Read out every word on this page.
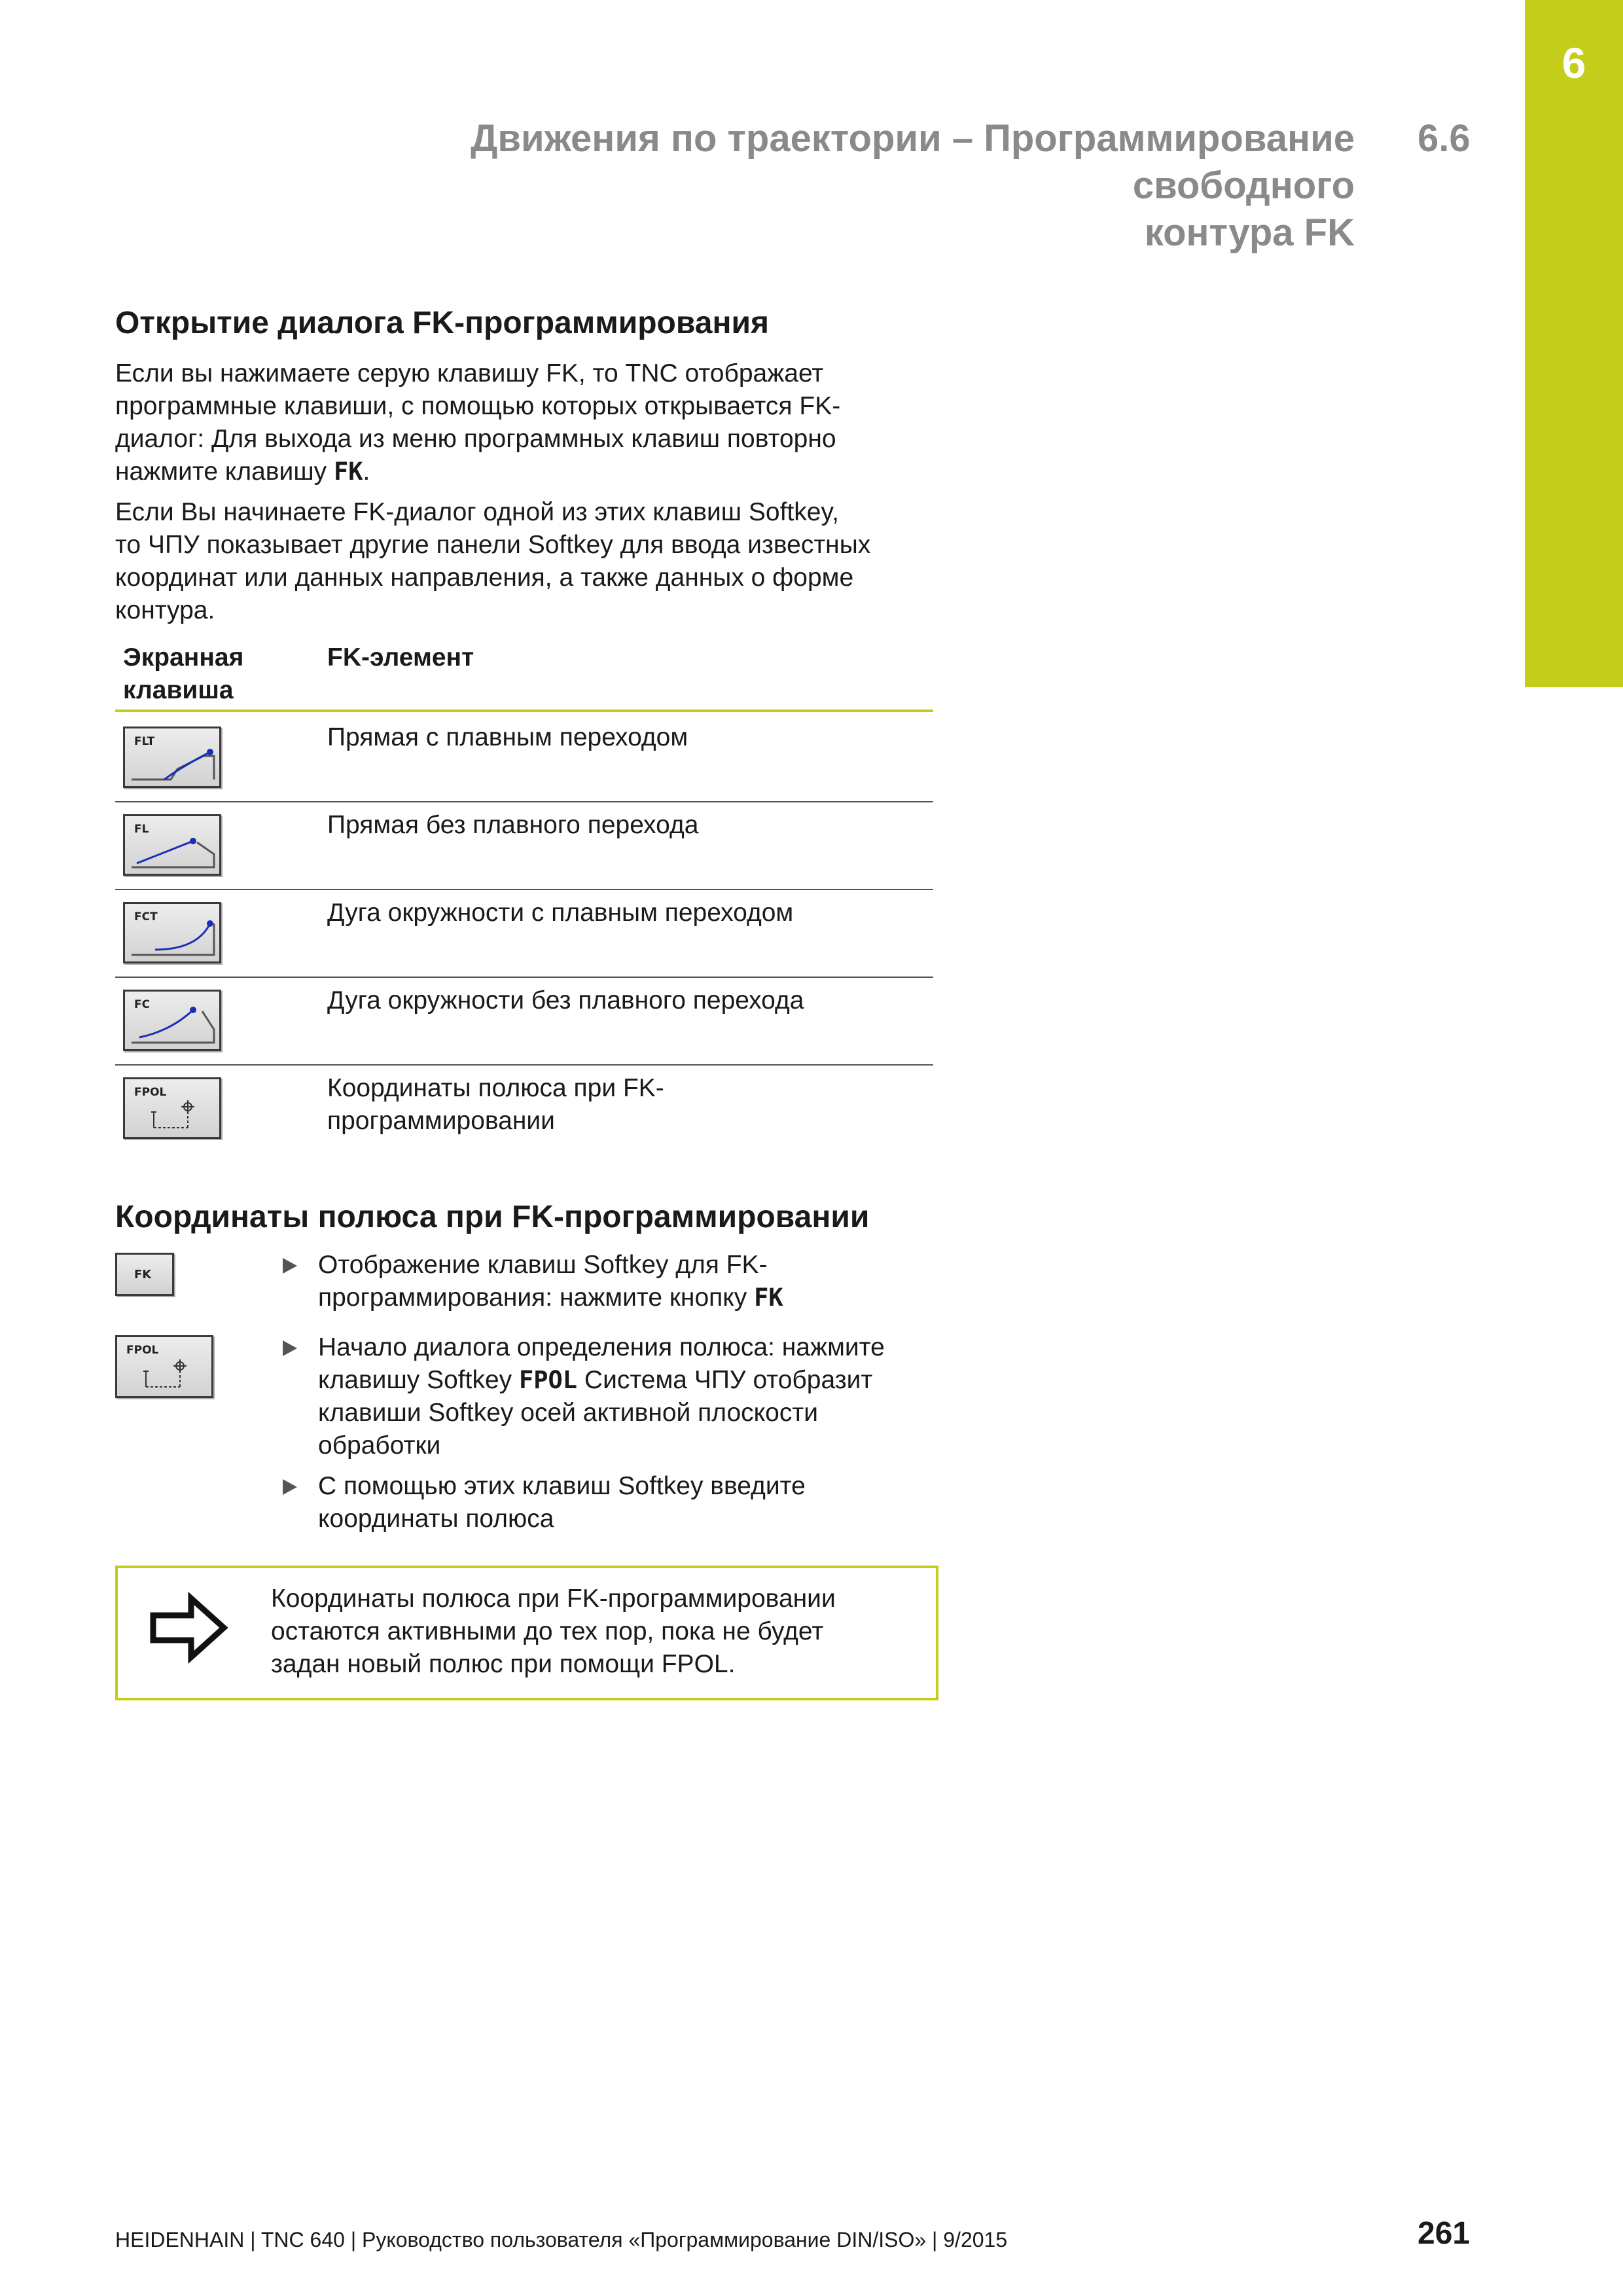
6
Движения по траектории – Программирование свободного
контура FK
6.6
Открытие диалога FK-программирования

Если вы нажимаете серую клавишу FK, то TNC отображает
программные клавиши, с помощью которых открывается FK-
диалог: Для выхода из меню программных клавиш повторно
нажмите клавишу FK.

Если Вы начинаете FK-диалог одной из этих клавиш Softkey,
то ЧПУ показывает другие панели Softkey для ввода известных
координат или данных направления, а также данных о форме
контура.

Экранная
клавиша
FK-элемент
FLT	Прямая с плавным переходом
FL	Прямая без плавного перехода
FCT	Дуга окружности с плавным переходом
FC	Дуга окружности без плавного перехода
FPOL	Координаты полюса при FK-
программировании
Координаты полюса при FK-программировании
FK
FPOL
Отображение клавиш Softkey для FK-
программирования: нажмите кнопку FK
Начало диалога определения полюса: нажмите
клавишу Softkey FPOL Система ЧПУ отобразит
клавиши Softkey осей активной плоскости
обработки
С помощью этих клавиш Softkey введите
координаты полюса
Координаты полюса при FK-программировании
остаются активными до тех пор, пока не будет
задан новый полюс при помощи FPOL.
HEIDENHAIN | TNC 640 | Руководство пользователя «Программирование DIN/ISO» | 9/2015	261
